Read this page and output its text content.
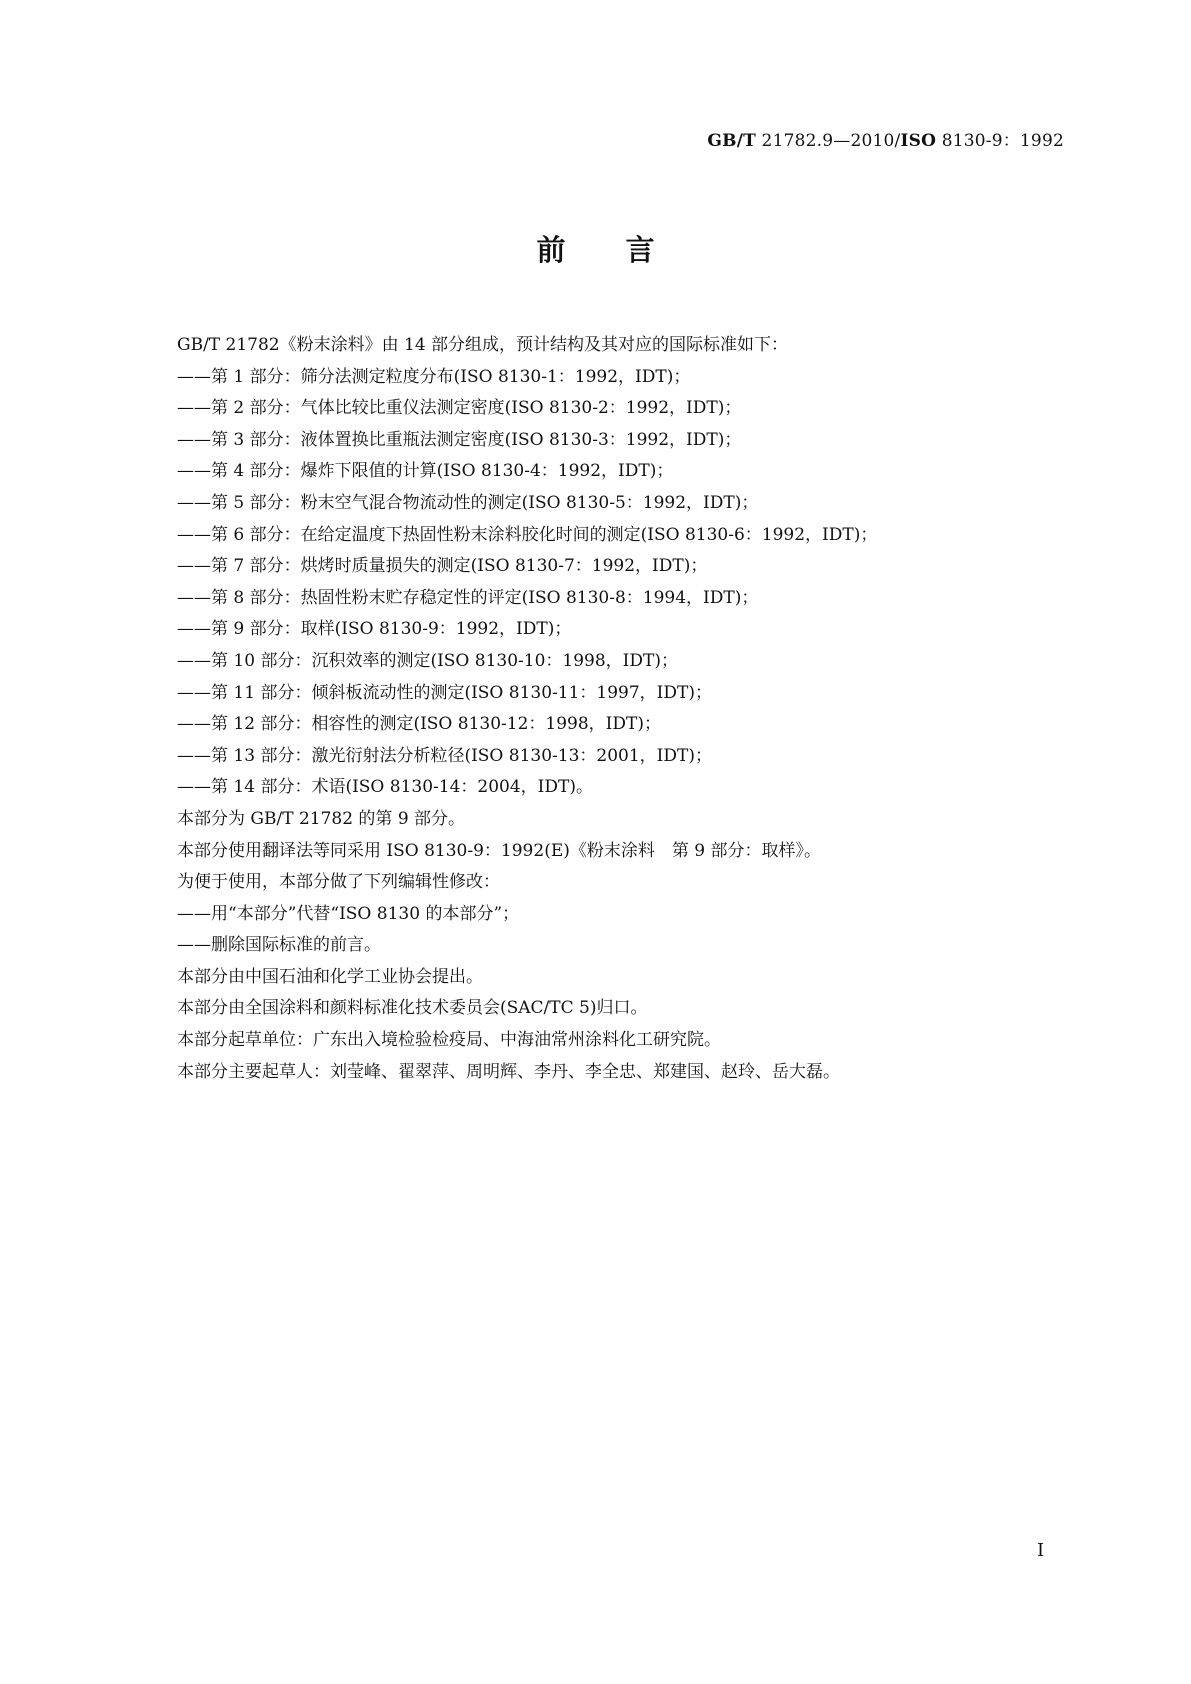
GB/T 21782.9—2010/ISO 8130-9：1992
前言
GB/T 21782《粉末涂料》由 14 部分组成，预计结构及其对应的国际标准如下：
——第 1 部分：筛分法测定粒度分布(ISO 8130-1：1992，IDT)；
——第 2 部分：气体比较比重仪法测定密度(ISO 8130-2：1992，IDT)；
——第 3 部分：液体置换比重瓶法测定密度(ISO 8130-3：1992，IDT)；
——第 4 部分：爆炸下限值的计算(ISO 8130-4：1992，IDT)；
——第 5 部分：粉末空气混合物流动性的测定(ISO 8130-5：1992，IDT)；
——第 6 部分：在给定温度下热固性粉末涂料胶化时间的测定(ISO 8130-6：1992，IDT)；
——第 7 部分：烘烤时质量损失的测定(ISO 8130-7：1992，IDT)；
——第 8 部分：热固性粉末贮存稳定性的评定(ISO 8130-8：1994，IDT)；
——第 9 部分：取样(ISO 8130-9：1992，IDT)；
——第 10 部分：沉积效率的测定(ISO 8130-10：1998，IDT)；
——第 11 部分：倾斜板流动性的测定(ISO 8130-11：1997，IDT)；
——第 12 部分：相容性的测定(ISO 8130-12：1998，IDT)；
——第 13 部分：激光衍射法分析粒径(ISO 8130-13：2001，IDT)；
——第 14 部分：术语(ISO 8130-14：2004，IDT)。
本部分为 GB/T 21782 的第 9 部分。
本部分使用翻译法等同采用 ISO 8130-9：1992(E)《粉末涂料　第 9 部分：取样》。
为便于使用，本部分做了下列编辑性修改：
——用“本部分”代替“ISO 8130 的本部分”；
——删除国际标准的前言。
本部分由中国石油和化学工业协会提出。
本部分由全国涂料和颜料标准化技术委员会(SAC/TC 5)归口。
本部分起草单位：广东出入境检验检疫局、中海油常州涂料化工研究院。
本部分主要起草人：刘莹峰、翟翠萍、周明辉、李丹、李全忠、郑建国、赵玲、岳大磊。
I
